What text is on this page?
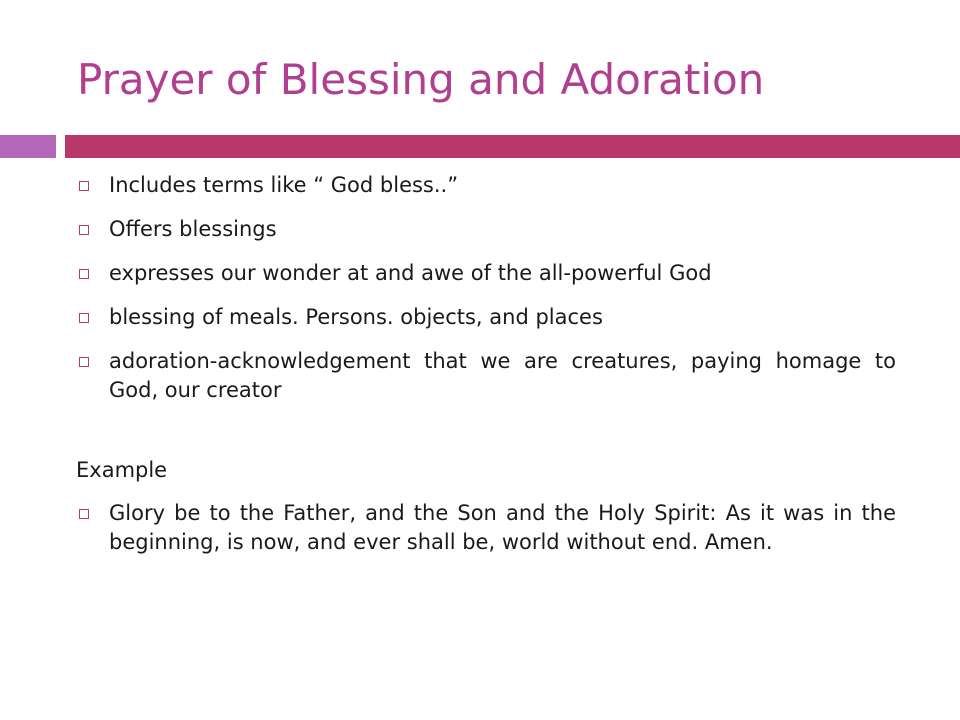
Prayer of Blessing and Adoration
Includes terms like “ God bless..”
Offers blessings
expresses our wonder at and awe of the all-powerful God
blessing of meals. Persons. objects, and places
adoration-acknowledgement that we are creatures, paying homage to God, our creator
Example
Glory be to the Father, and the Son and the Holy Spirit: As it was in the beginning, is now, and ever shall be, world without end. Amen.
